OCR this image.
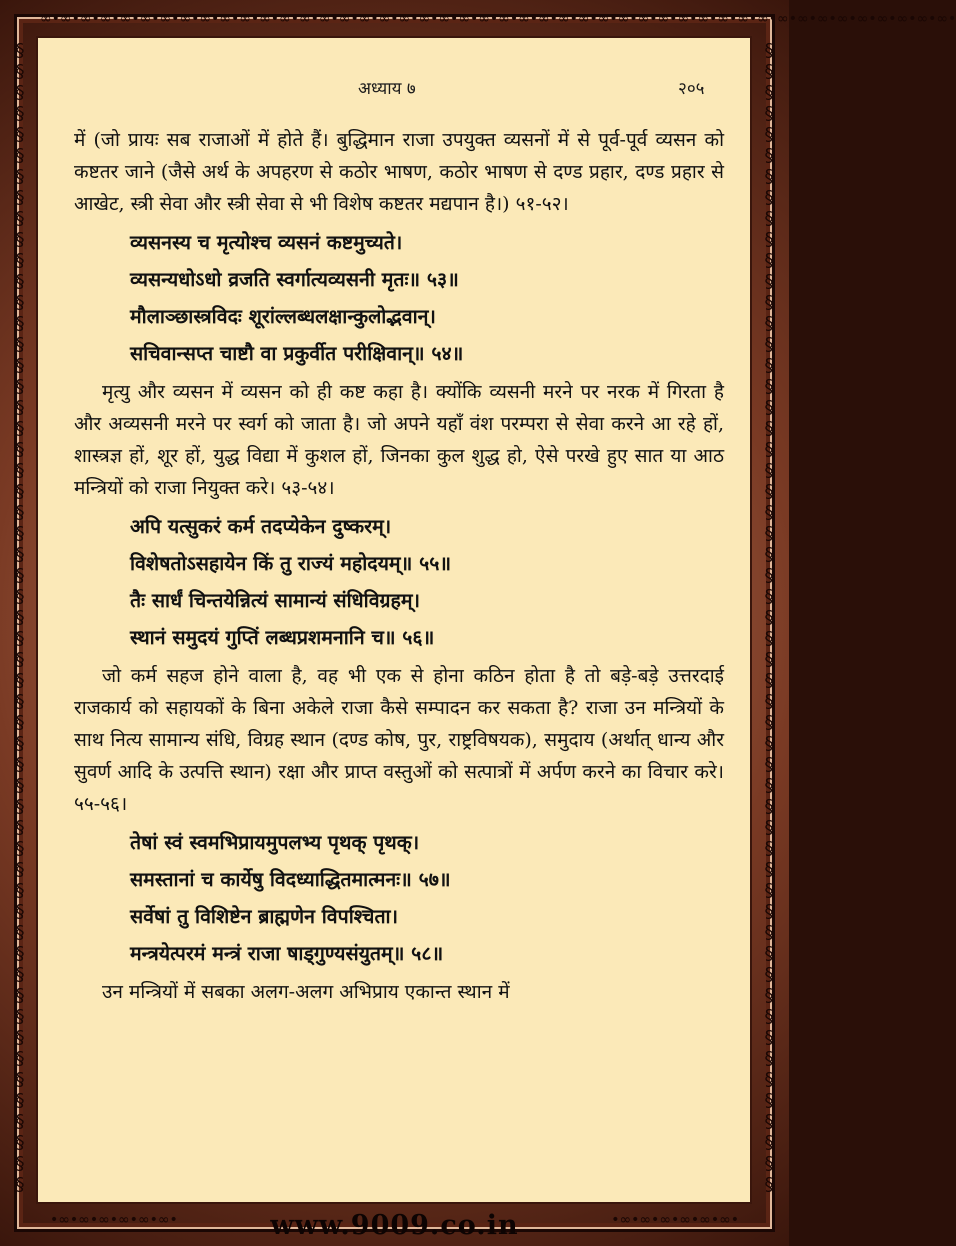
§
§
§
§
§
§
§
§
§
§
§
§
§
§
§
§
§
§
§
§
§
§
§
§
§
§
§
§
§
§
§
§
§
§
§
§
§
§
§
§
§
§
§
§
§
§
§
§
§
§
§
§
§
§
§
§
§
§
§
§
§
§
§
§
§
§
§
§
§
§
§
§
§
§
§
§
§
§
§
§
§
§
§
§
§
§
§
§
§
§
§
§
§
§
§
§
§
§
§
§
§
§
§
§
§
§
§
§
§
§
∞•∞•∞•∞•∞•∞•∞•∞•∞•∞•∞•∞•∞•∞•∞•∞•∞•∞•∞•∞•∞•∞•∞•∞•∞•∞•∞•∞•∞•∞•∞•∞•∞•∞•∞•∞•∞•∞•∞•∞•∞•∞•∞•∞•∞•∞•
अध्याय ७	२०५

में (जो प्रायः सब राजाओं में होते हैं। बुद्धिमान राजा उपयुक्त व्यसनों में से पूर्व-पूर्व व्यसन को कष्टतर जाने (जैसे अर्थ के अपहरण से कठोर भाषण, कठोर भाषण से दण्ड प्रहार, दण्ड प्रहार से आखेट, स्त्री सेवा और स्त्री सेवा से भी विशेष कष्टतर मद्यपान है।) ५१-५२।

व्यसनस्य च मृत्योश्च व्यसनं कष्टमुच्यते।
व्यसन्यधोऽधो व्रजति स्वर्गात्यव्यसनी मृतः॥ ५३॥
मौलाञ्छास्त्रविदः शूरांल्लब्धलक्षान्कुलोद्भवान्।
सचिवान्सप्त चाष्टौ वा प्रकुर्वीत परीक्षिवान्॥ ५४॥

मृत्यु और व्यसन में व्यसन को ही कष्ट कहा है। क्योंकि व्यसनी मरने पर नरक में गिरता है और अव्यसनी मरने पर स्वर्ग को जाता है। जो अपने यहाँ वंश परम्परा से सेवा करने आ रहे हों, शास्त्रज्ञ हों, शूर हों, युद्ध विद्या में कुशल हों, जिनका कुल शुद्ध हो, ऐसे परखे हुए सात या आठ मन्त्रियों को राजा नियुक्त करे। ५३-५४।

अपि यत्सुकरं कर्म तदप्येकेन दुष्करम्।
विशेषतोऽसहायेन किं तु राज्यं महोदयम्॥ ५५॥
तैः सार्धं चिन्तयेन्नित्यं सामान्यं संधिविग्रहम्।
स्थानं समुदयं गुप्तिं लब्धप्रशमनानि च॥ ५६॥

जो कर्म सहज होने वाला है, वह भी एक से होना कठिन होता है तो बड़े-बड़े उत्तरदाई राजकार्य को सहायकों के बिना अकेले राजा कैसे सम्पादन कर सकता है? राजा उन मन्त्रियों के साथ नित्य सामान्य संधि, विग्रह स्थान (दण्ड कोष, पुर, राष्ट्रविषयक), समुदाय (अर्थात् धान्य और सुवर्ण आदि के उत्पत्ति स्थान) रक्षा और प्राप्त वस्तुओं को सत्पात्रों में अर्पण करने का विचार करे। ५५-५६।

तेषां स्वं स्वमभिप्रायमुपलभ्य पृथक् पृथक्।
समस्तानां च कार्येषु विदध्याद्धितमात्मनः॥ ५७॥
सर्वेषां तु विशिष्टेन ब्राह्मणेन विपश्चिता।
मन्त्रयेत्परमं मन्त्रं राजा षाड्गुण्यसंयुतम्॥ ५८॥

उन मन्त्रियों में सबका अलग-अलग अभिप्राय एकान्त स्थान में

•∞•∞•∞•∞•∞•∞•	www.9009.co.in	•∞•∞•∞•∞•∞•∞•
